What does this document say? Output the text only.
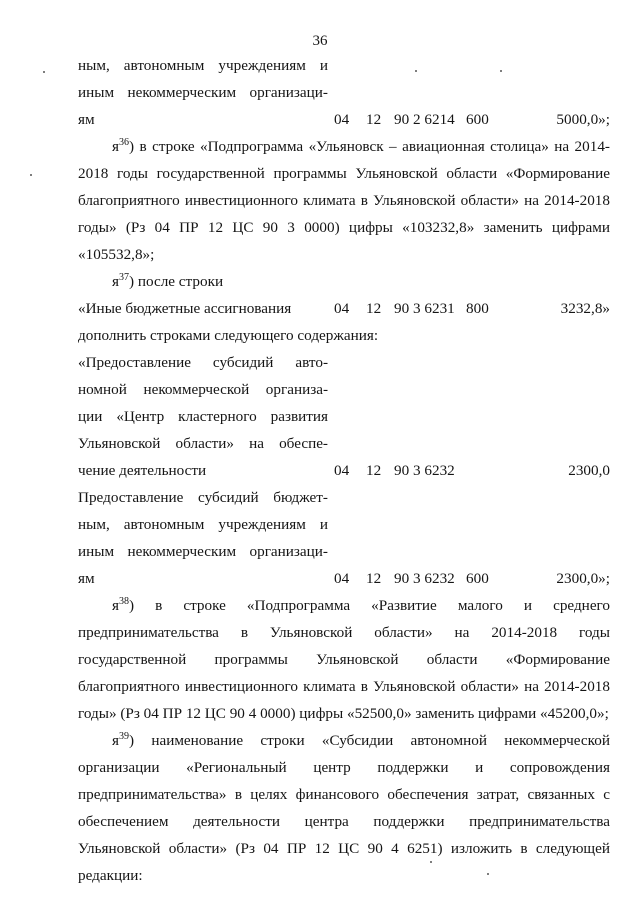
36
ным, автономным учреждениям и
иным некоммерческим организаци-
ям	04	12 90 2 6214 600	5000,0»;

$я^{36}$) в строке «Подпрограмма «Ульяновск – авиационная столица» на 2014-2018 годы государственной программы Ульяновской области «Формирование благоприятного инвестиционного климата в Ульяновской области» на 2014-2018 годы» (Рз 04 ПР 12 ЦС 90 3 0000) цифры «103232,8» заменить цифрами «105532,8»;

$я^{37}$) после строки

«Иные бюджетные ассигнования	04	12 90 3 6231 800	3232,8»

дополнить строками следующего содержания:

«Предоставление субсидий авто-
номной некоммерческой организа-
ции «Центр кластерного развития
Ульяновской области» на обеспе-
чение деятельности	04	12 90 3 6232	2300,0
Предоставление субсидий бюджет-
ным, автономным учреждениям и
иным некоммерческим организаци-
ям	04	12 90 3 6232 600	2300,0»;

$я^{38}$) в строке «Подпрограмма «Развитие малого и среднего предпринимательства в Ульяновской области» на 2014-2018 годы государственной программы Ульяновской области «Формирование благоприятного инвестиционного климата в Ульяновской области» на 2014-2018 годы» (Рз 04 ПР 12 ЦС 90 4 0000) цифры «52500,0» заменить цифрами «45200,0»;

$я^{39}$) наименование строки «Субсидии автономной некоммерческой организации «Региональный центр поддержки и сопровождения предпринимательства» в целях финансового обеспечения затрат, связанных с обеспечением деятельности центра поддержки предпринимательства Ульяновской области» (Рз 04 ПР 12 ЦС 90 4 6251) изложить в следующей редакции:
